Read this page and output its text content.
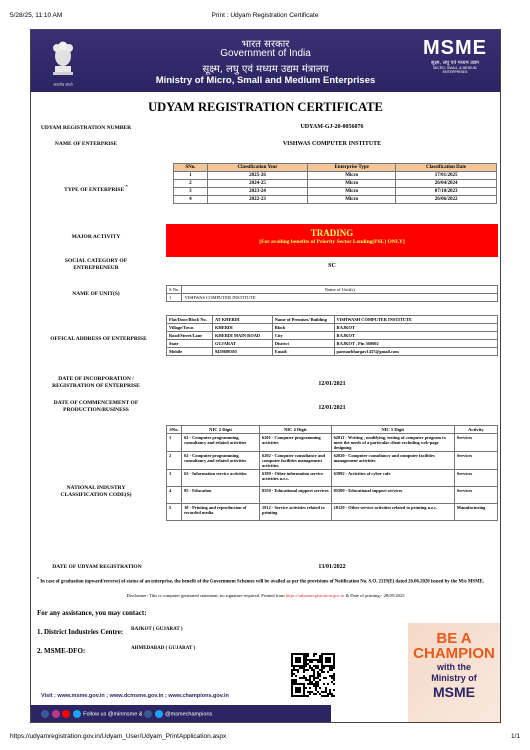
5/28/25, 11:10 AM	Print : Udyam Registration Certificate
सत्यमेव जयते
भारत सरकार
Government of India
सूक्ष्म, लघु एवं मध्यम उद्यम मंत्रालय
Ministry of Micro, Small and Medium Enterprises
MSME
सूक्ष्म, लघु एवं मध्यम उद्यम
MICRO, SMALL & MEDIUM ENTERPRISES
UDYAM REGISTRATION CERTIFICATE
UDYAM REGISTRATION NUMBER	UDYAM-GJ-20-0056076
NAME OF ENTERPRISE	VISHWAS COMPUTER INSTITUTE
TYPE OF ENTERPRISE *
SNo.	Classification Year	Enterprise Type	Classification Date
1	2025-26	Micro	17/01/2025
2	2024-25	Micro	26/04/2024
3	2023-24	Micro	07/10/2023
4	2022-23	Micro	26/06/2022
MAJOR ACTIVITY	TRADING
[For availing benefits of Priority Sector Lending(PSL) ONLY]
SOCIAL CATEGORY OF ENTREPRENEUR	SC
NAME OF UNIT(S)
S.No.	Name of Unit(s)
1	VISHWAS COMPUTER INSTITUTE
OFFICAL ADDRESS OF ENTERPRISE
Flat/Door/Block No.	AT KHERDI	Name of Premises/ Building	VISHWASH COMPUTER INSTITUTE
Village/Town	KHERDI	Block	RAJKOT
Road/Street/Lane	KHERDI MAIN ROAD	City	RAJKOT
State	GUJARAT	District	RAJKOT , Pin 360002
Mobile	9458680305	Email:	parmarbhargav1437@gmail.com
DATE OF INCORPORATION / REGISTRATION OF ENTERPRISE	12/01/2021
DATE OF COMMENCEMENT OF PRODUCTION/BUSINESS	12/01/2021
NATIONAL INDUSTRY CLASSIFICATION CODE(S)
SNo.	NIC 2 Digit	NIC 4 Digit	NIC 5 Digit	Activity
1	62 - Computer programming, consultancy and related activities	6201 - Computer programming activities	62011 - Writing , modifying, testing of computer program to meet the needs of a particular client excluding web-page designing	Services
2	62 - Computer programming, consultancy and related activities	6202 - Computer consultancy and computer facilities management activities	62020 - Computer consultancy and computer facilities management activities	Services
3	63 - Information service activities	6399 - Other information service activities n.e.c.	63992 - Activities of cyber cafe	Services
4	85 - Education	8550 - Educational support services	85500 - Educational support services	Services
5	18 - Printing and reproduction of recorded media	1812 - Service activities related to printing	18120 - Other service activities related to printing n.e.c.	Manufacturing
DATE OF UDYAM REGISTRATION	13/01/2022
* In case of graduation (upward/reverse) of status of an enterprise, the benefit of the Government Schemes will be availed as per the provisions of Notification No. S.O. 2119(E) dated 26.06.2020 issued by the M/o MSME.
Disclaimer: This is computer generated statement, no signature required. Printed from https://udyamregistration.gov.in & Date of printing:- 28/05/2025
For any assistance, you may contact:
1. District Industries Centre: RAJKOT ( GUJARAT )
2. MSME-DFO:	AHMEDABAD ( GUJARAT )
Visit : www.msme.gov.in ; www.dcmsme.gov.in ; www.champions.gov.in
Follow us @minmsme &	@msmechampions
BE A
CHAMPION
with the
Ministry of
MSME
https://udyamregistration.gov.in/Udyam_User/Udyam_PrintApplication.aspx	1/1
